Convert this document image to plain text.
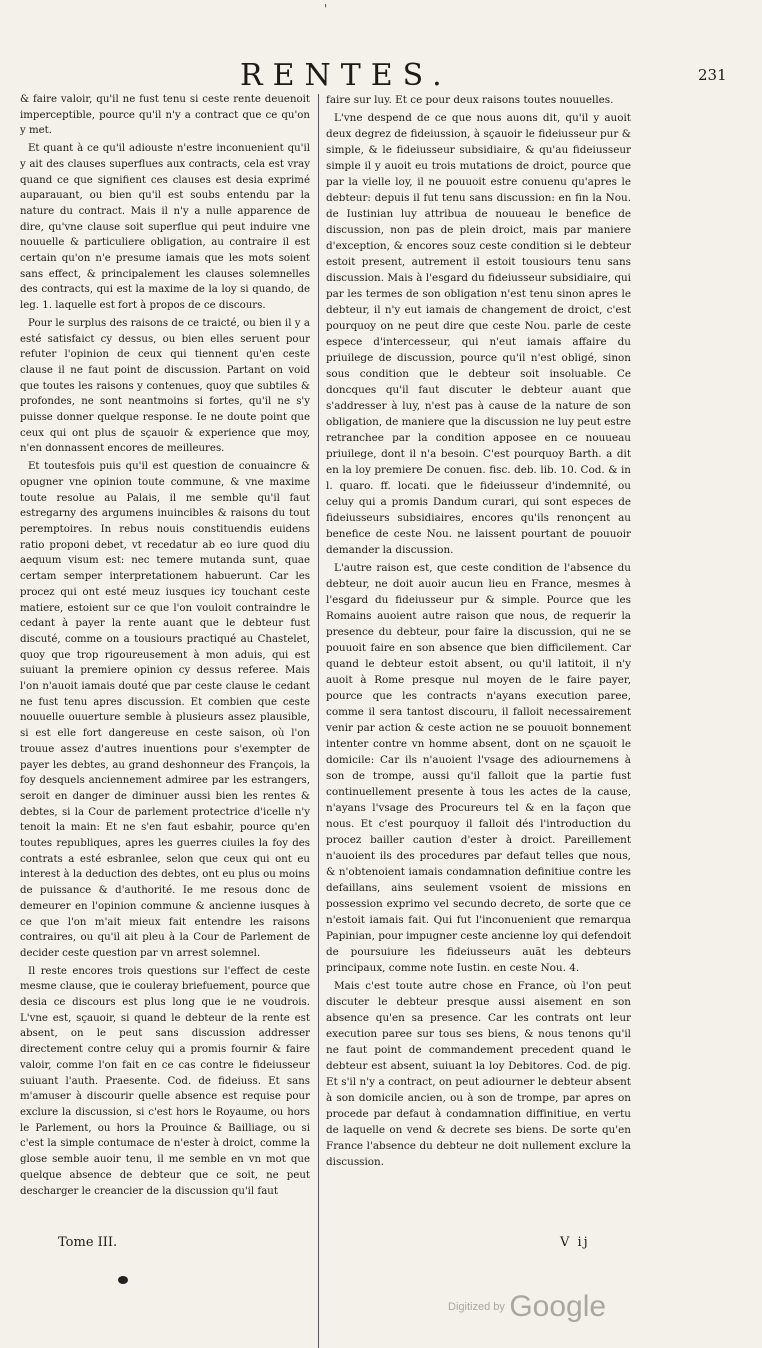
'
RENTES.	231

& faire valoir, qu'il ne fust tenu si ceste rente deuenoit imperceptible, pource qu'il n'y a contract que ce qu'on y met.

Et quant à ce qu'il adiouste n'estre inconuenient qu'il y ait des clauses superflues aux contracts, cela est vray quand ce que signifient ces clauses est desia exprimé auparauant, ou bien qu'il est soubs entendu par la nature du contract. Mais il n'y a nulle apparence de dire, qu'vne clause soit superflue qui peut induire vne nouuelle & particuliere obligation, au contraire il est certain qu'on n'e presume iamais que les mots soient sans effect, & principalement les clauses solemnelles des contracts, qui est la maxime de la loy si quando, de leg. 1. laquelle est fort à propos de ce discours.

Pour le surplus des raisons de ce traicté, ou bien il y a esté satisfaict cy dessus, ou bien elles seruent pour refuter l'opinion de ceux qui tiennent qu'en ceste clause il ne faut point de discussion. Partant on void que toutes les raisons y contenues, quoy que subtiles & profondes, ne sont neantmoins si fortes, qu'il ne s'y puisse donner quelque response. Ie ne doute point que ceux qui ont plus de sçauoir & experience que moy, n'en donnassent encores de meilleures.

Et toutesfois puis qu'il est question de conuaincre & opugner vne opinion toute commune, & vne maxime toute resolue au Palais, il me semble qu'il faut estregarny des argumens inuincibles & raisons du tout peremptoires. In rebus nouis constituendis euidens ratio proponi debet, vt recedatur ab eo iure quod diu aequum visum est: nec temere mutanda sunt, quae certam semper interpretationem habuerunt. Car les procez qui ont esté meuz iusques icy touchant ceste matiere, estoient sur ce que l'on vouloit contraindre le cedant à payer la rente auant que le debteur fust discuté, comme on a tousiours practiqué au Chastelet, quoy que trop rigoureusement à mon aduis, qui est suiuant la premiere opinion cy dessus referee. Mais l'on n'auoit iamais douté que par ceste clause le cedant ne fust tenu apres discussion. Et combien que ceste nouuelle ouuerture semble à plusieurs assez plausible, si est elle fort dangereuse en ceste saison, où l'on trouue assez d'autres inuentions pour s'exempter de payer les debtes, au grand deshonneur des François, la foy desquels anciennement admiree par les estrangers, seroit en danger de diminuer aussi bien les rentes & debtes, si la Cour de parlement protectrice d'icelle n'y tenoit la main: Et ne s'en faut esbahir, pource qu'en toutes republiques, apres les guerres ciuiles la foy des contrats a esté esbranlee, selon que ceux qui ont eu interest à la deduction des debtes, ont eu plus ou moins de puissance & d'authorité. Ie me resous donc de demeurer en l'opinion commune & ancienne iusques à ce que l'on m'ait mieux fait entendre les raisons contraires, ou qu'il ait pleu à la Cour de Parlement de decider ceste question par vn arrest solemnel.

Il reste encores trois questions sur l'effect de ceste mesme clause, que ie couleray briefuement, pource que desia ce discours est plus long que ie ne voudrois. L'vne est, sçauoir, si quand le debteur de la rente est absent, on le peut sans discussion addresser directement contre celuy qui a promis fournir & faire valoir, comme l'on fait en ce cas contre le fideiusseur suiuant l'auth. Praesente. Cod. de fideiuss. Et sans m'amuser à discourir quelle absence est requise pour exclure la discussion, si c'est hors le Royaume, ou hors le Parlement, ou hors la Prouince & Bailliage, ou si c'est la simple contumace de n'ester à droict, comme la glose semble auoir tenu, il me semble en vn mot que quelque absence de debteur que ce soit, ne peut descharger le creancier de la discussion qu'il faut

faire sur luy. Et ce pour deux raisons toutes nouuelles.

L'vne despend de ce que nous auons dit, qu'il y auoit deux degrez de fideiussion, à sçauoir le fideiusseur pur & simple, & le fideiusseur subsidiaire, & qu'au fideiusseur simple il y auoit eu trois mutations de droict, pource que par la vielle loy, il ne pouuoit estre conuenu qu'apres le debteur: depuis il fut tenu sans discussion: en fin la Nou. de Iustinian luy attribua de nouueau le benefice de discussion, non pas de plein droict, mais par maniere d'exception, & encores souz ceste condition si le debteur estoit present, autrement il estoit tousiours tenu sans discussion. Mais à l'esgard du fideiusseur subsidiaire, qui par les termes de son obligation n'est tenu sinon apres le debteur, il n'y eut iamais de changement de droict, c'est pourquoy on ne peut dire que ceste Nou. parle de ceste espece d'intercesseur, qui n'eut iamais affaire du priuilege de discussion, pource qu'il n'est obligé, sinon sous condition que le debteur soit insoluable. Ce doncques qu'il faut discuter le debteur auant que s'addresser à luy, n'est pas à cause de la nature de son obligation, de maniere que la discussion ne luy peut estre retranchee par la condition apposee en ce nouueau priuilege, dont il n'a besoin. C'est pourquoy Barth. a dit en la loy premiere De conuen. fisc. deb. lib. 10. Cod. & in l. quaro. ff. locati. que le fideiusseur d'indemnité, ou celuy qui a promis Dandum curari, qui sont especes de fideiusseurs subsidiaires, encores qu'ils renonçent au benefice de ceste Nou. ne laissent pourtant de pouuoir demander la discussion.

L'autre raison est, que ceste condition de l'absence du debteur, ne doit auoir aucun lieu en France, mesmes à l'esgard du fideiusseur pur & simple. Pource que les Romains auoient autre raison que nous, de requerir la presence du debteur, pour faire la discussion, qui ne se pouuoit faire en son absence que bien difficilement. Car quand le debteur estoit absent, ou qu'il latitoit, il n'y auoit à Rome presque nul moyen de le faire payer, pource que les contracts n'ayans execution paree, comme il sera tantost discouru, il falloit necessairement venir par action & ceste action ne se pouuoit bonnement intenter contre vn homme absent, dont on ne sçauoit le domicile: Car ils n'auoient l'vsage des adiournemens à son de trompe, aussi qu'il falloit que la partie fust continuellement presente à tous les actes de la cause, n'ayans l'vsage des Procureurs tel & en la façon que nous. Et c'est pourquoy il falloit dés l'introduction du procez bailler caution d'ester à droict. Pareillement n'auoient ils des procedures par defaut telles que nous, & n'obtenoient iamais condamnation definitiue contre les defaillans, ains seulement vsoient de missions en possession exprimo vel secundo decreto, de sorte que ce n'estoit iamais fait. Qui fut l'inconuenient que remarqua Papinian, pour impugner ceste ancienne loy qui defendoit de poursuiure les fideiusseurs auãt les debteurs principaux, comme note Iustin. en ceste Nou. 4.

Mais c'est toute autre chose en France, où l'on peut discuter le debteur presque aussi aisement en son absence qu'en sa presence. Car les contrats ont leur execution paree sur tous ses biens, & nous tenons qu'il ne faut point de commandement precedent quand le debteur est absent, suiuant la loy Debitores. Cod. de pig. Et s'il n'y a contract, on peut adiourner le debteur absent à son domicile ancien, ou à son de trompe, par apres on procede par defaut à condamnation diffinitiue, en vertu de laquelle on vend & decrete ses biens. De sorte qu'en France l'absence du debteur ne doit nullement exclure la discussion.

Tome III.	V ij
Digitized by Google
